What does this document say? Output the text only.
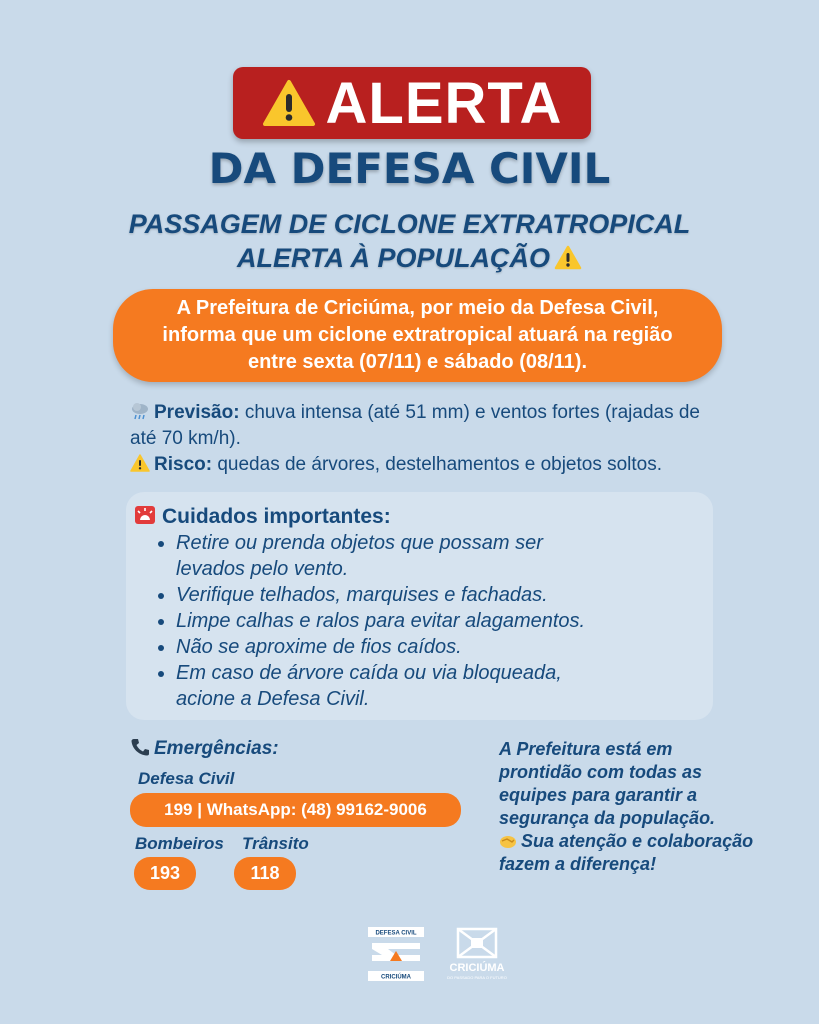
ALERTA
DA DEFESA CIVIL
PASSAGEM DE CICLONE EXTRATROPICAL
ALERTA À POPULAÇÃO
A Prefeitura de Criciúma, por meio da Defesa Civil,
informa que um ciclone extratropical atuará na região
entre sexta (07/11) e sábado (08/11).
Previsão: chuva intensa (até 51 mm) e ventos fortes (rajadas de até 70 km/h).
Risco: quedas de árvores, destelhamentos e objetos soltos.
Cuidados importantes:
• Retire ou prenda objetos que possam ser levados pelo vento.
• Verifique telhados, marquises e fachadas.
• Limpe calhas e ralos para evitar alagamentos.
• Não se aproxime de fios caídos.
• Em caso de árvore caída ou via bloqueada, acione a Defesa Civil.
Emergências:
Defesa Civil
199 | WhatsApp: (48) 99162-9006
Bombeiros Trânsito
193	118
A Prefeitura está em prontidão com todas as equipes para garantir a segurança da população.
Sua atenção e colaboração fazem a diferença!
DEFESA CIVIL
CRICIÚMA
CRICIÚMA
DO PASSADO PARA O FUTURO
